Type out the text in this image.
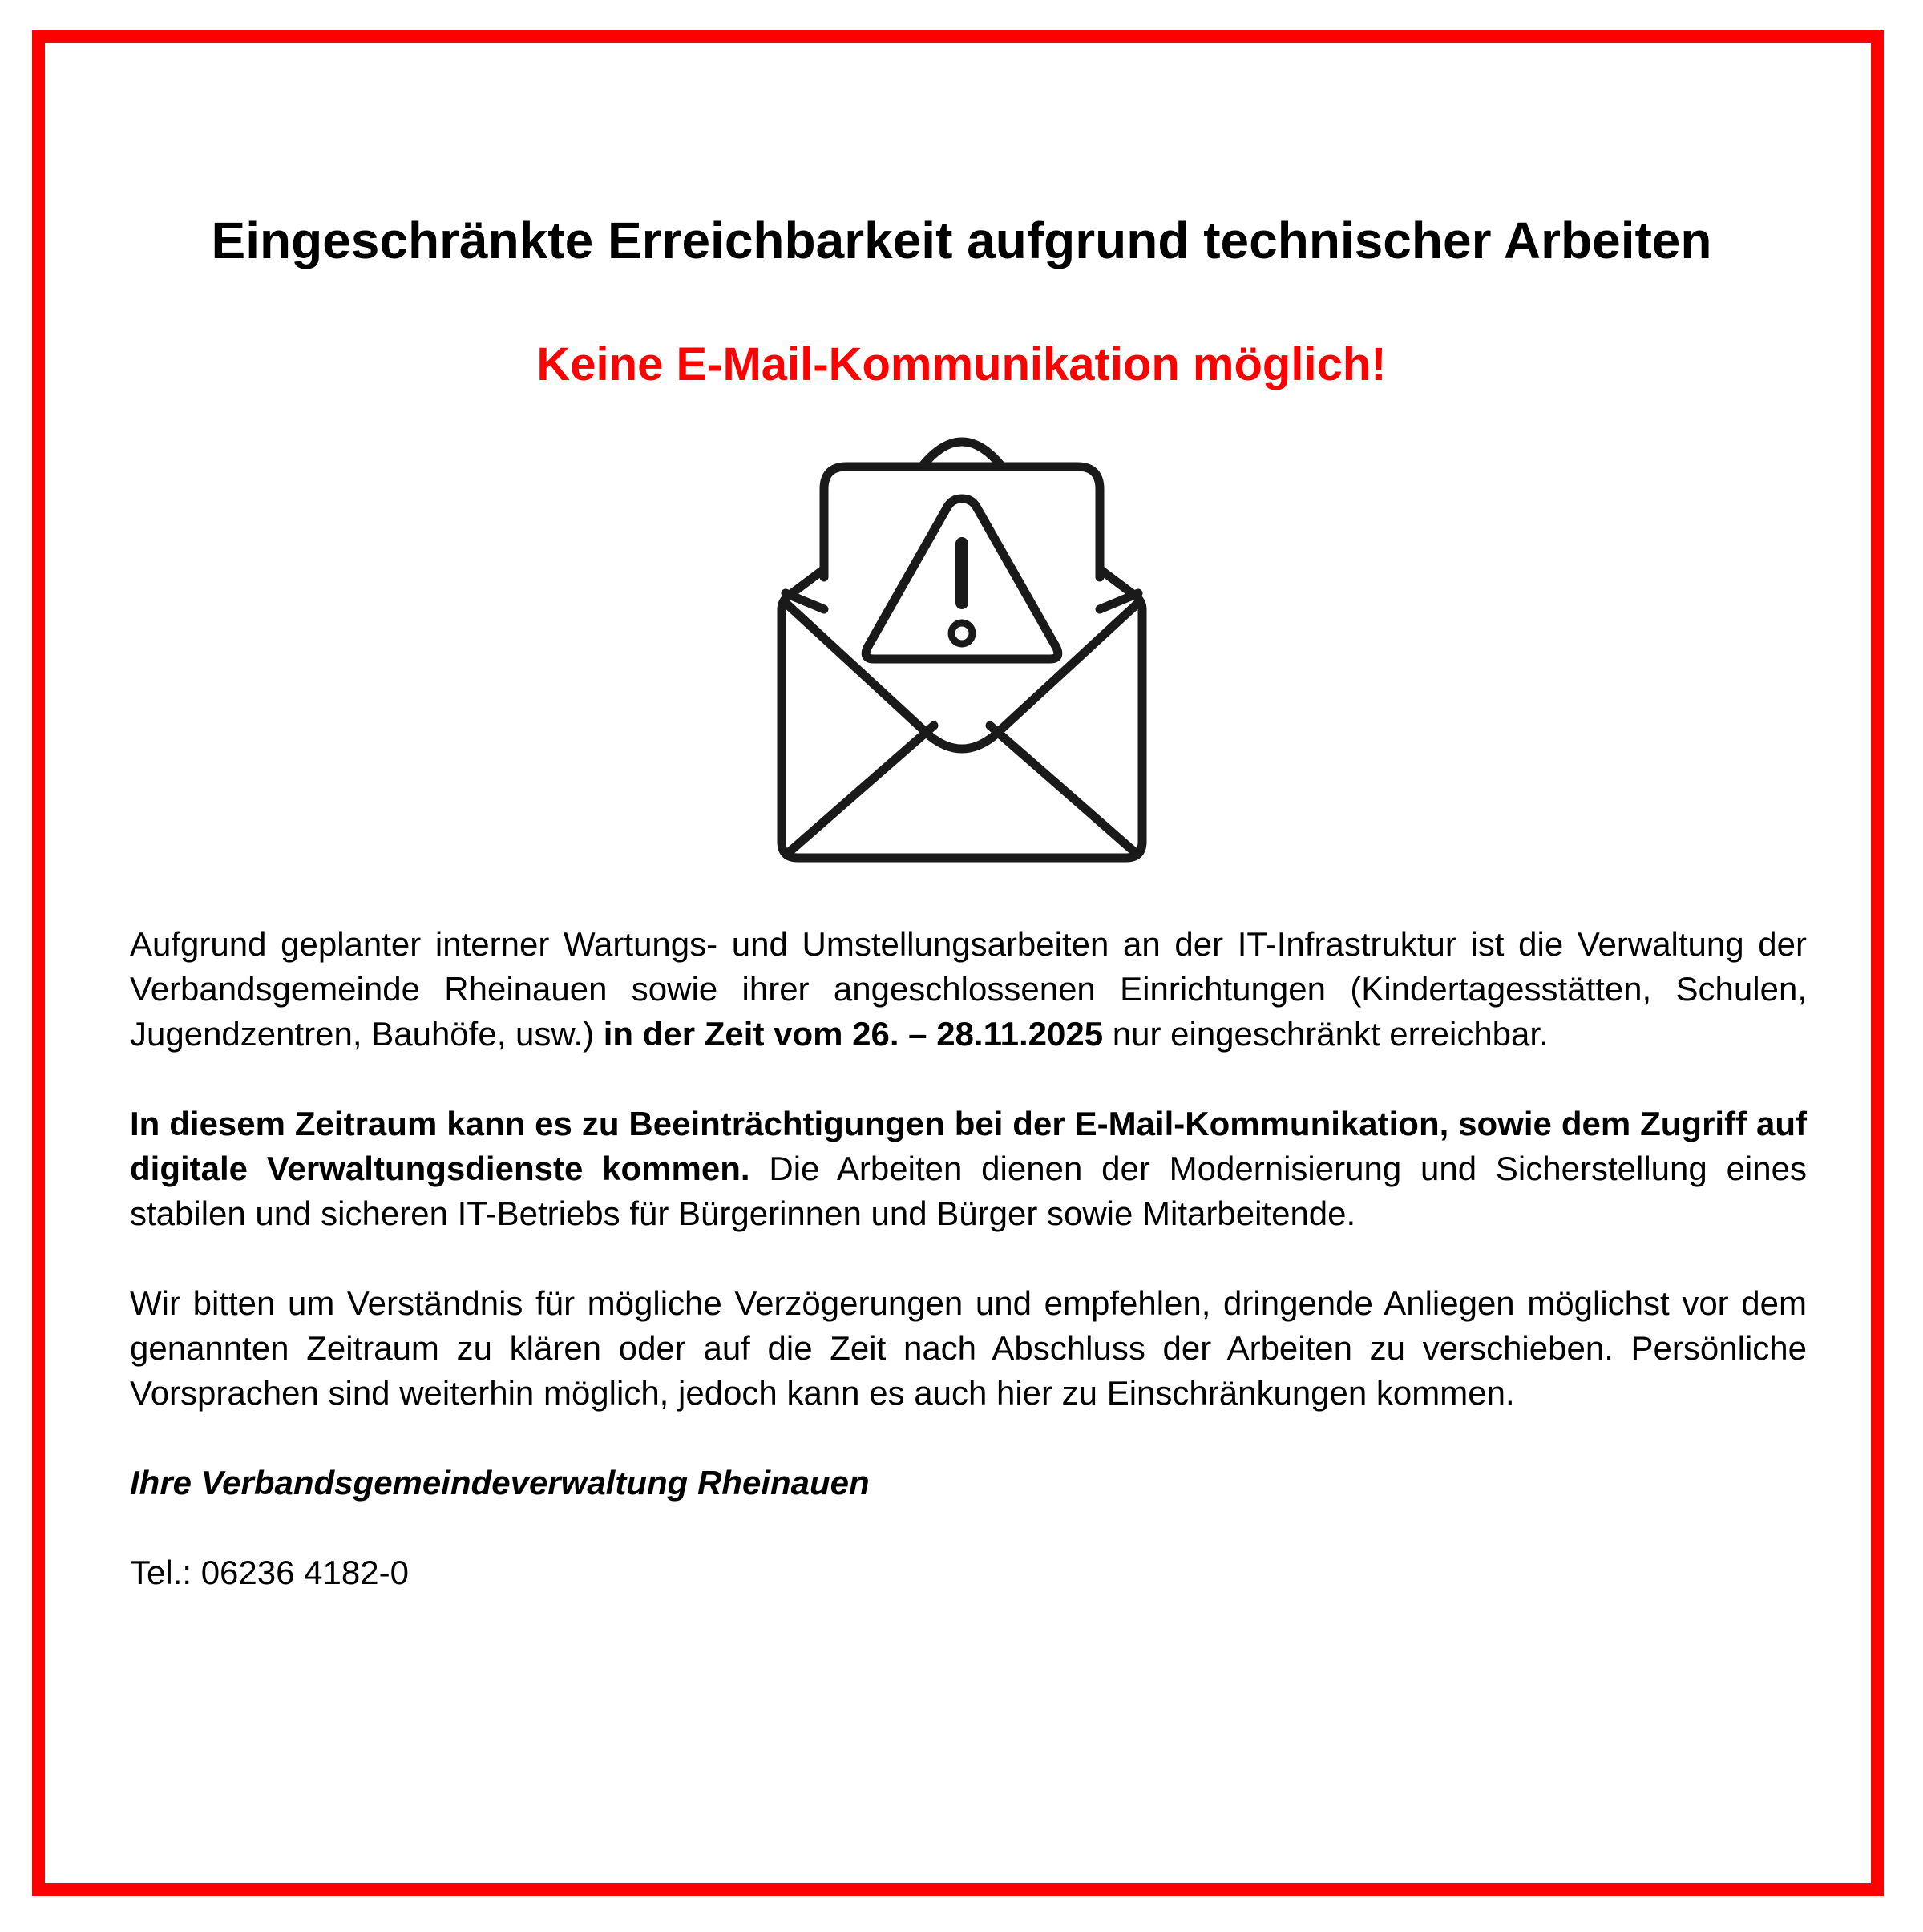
Eingeschränkte Erreichbarkeit aufgrund technischer Arbeiten
Keine E-Mail-Kommunikation möglich!

Aufgrund geplanter interner Wartungs- und Umstellungsarbeiten an der IT-Infrastruktur ist die Verwaltung der Verbandsgemeinde Rheinauen sowie ihrer angeschlossenen Einrichtungen (Kindertagesstätten, Schulen, Jugendzentren, Bauhöfe, usw.) in der Zeit vom 26. – 28.11.2025 nur eingeschränkt erreichbar.

In diesem Zeitraum kann es zu Beeinträchtigungen bei der E-Mail-Kommunikation, sowie dem Zugriff auf digitale Verwaltungsdienste kommen. Die Arbeiten dienen der Modernisierung und Sicherstellung eines stabilen und sicheren IT-Betriebs für Bürgerinnen und Bürger sowie Mitarbeitende.

Wir bitten um Verständnis für mögliche Verzögerungen und empfehlen, dringende Anliegen möglichst vor dem genannten Zeitraum zu klären oder auf die Zeit nach Abschluss der Arbeiten zu verschieben. Persönliche Vorsprachen sind weiterhin möglich, jedoch kann es auch hier zu Einschränkungen kommen.

Ihre Verbandsgemeindeverwaltung Rheinauen

Tel.: 06236 4182-0
